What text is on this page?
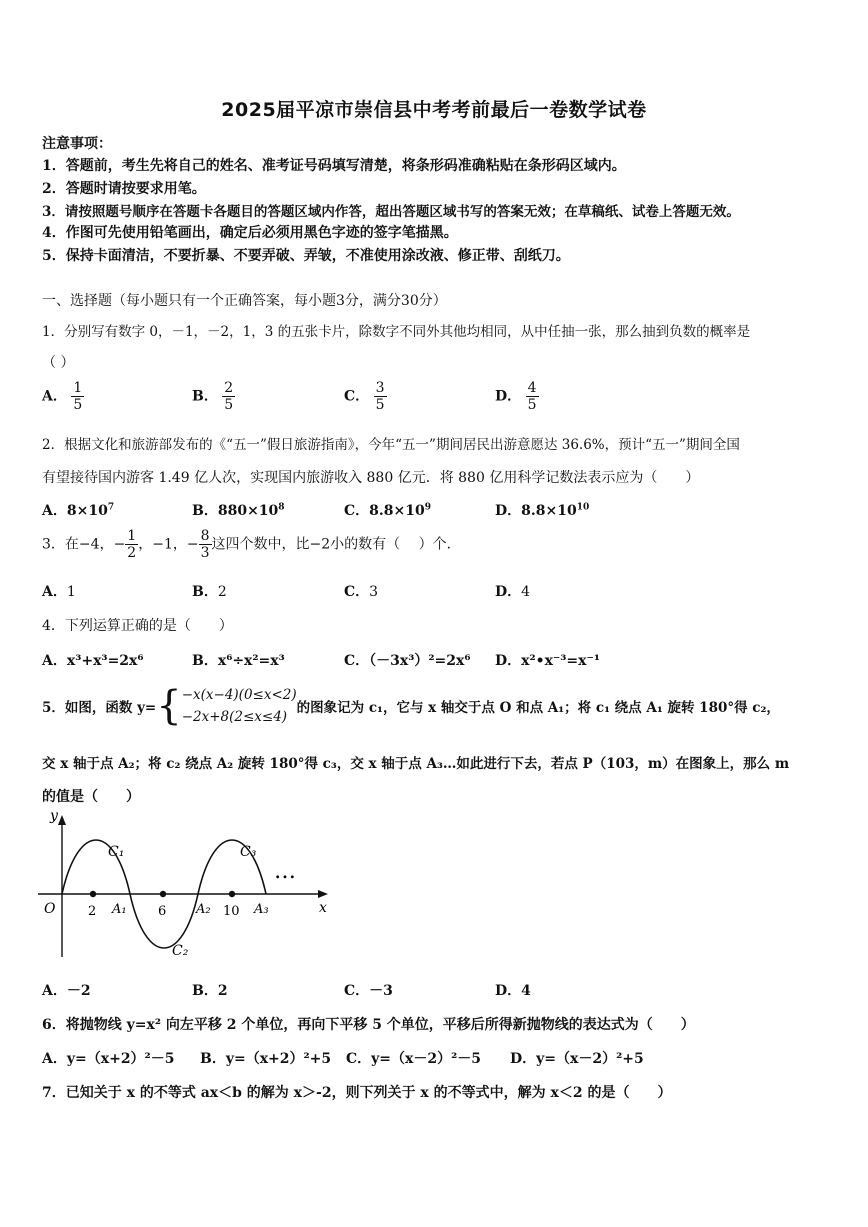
2025届平凉市崇信县中考考前最后一卷数学试卷
注意事项：
1．答题前，考生先将自己的姓名、准考证号码填写清楚，将条形码准确粘贴在条形码区域内。
2．答题时请按要求用笔。
3．请按照题号顺序在答题卡各题目的答题区域内作答，超出答题区域书写的答案无效；在草稿纸、试卷上答题无效。
4．作图可先使用铅笔画出，确定后必须用黑色字迹的签字笔描黑。
5．保持卡面清洁，不要折暴、不要弄破、弄皱，不准使用涂改液、修正带、刮纸刀。
一、选择题（每小题只有一个正确答案，每小题3分，满分30分）
1．分别写有数字 0，－1，－2，1，3 的五张卡片，除数字不同外其他均相同，从中任抽一张，那么抽到负数的概率是
（ ）
A． $\frac{1}{5}$	B． $\frac{2}{5}$	C． $\frac{3}{5}$	D． $\frac{4}{5}$
2．根据文化和旅游部发布的《“五一”假日旅游指南》，今年“五一”期间居民出游意愿达 36.6%，预计“五一”期间全国
有望接待国内游客 1.49 亿人次，实现国内旅游收入 880 亿元．将 880 亿用科学记数法表示应为（　　）
A．$8\times 10^7$	B．$880\times 10^8$	C．$8.8\times 10^9$	D．$8.8\times 10^{10}$
3．在−4，− $\frac{1}{2}$ ，−1，− $\frac{8}{3}$ 这四个数中，比−2小的数有（　 ）个．
A．1	B．2	C．3	D．4
4．下列运算正确的是（　　）
A．x³+x³=2x⁶	B．x⁶÷x²=x³	C．（－3x³）²=2x⁶ D．x²•x⁻³=x⁻¹
5．如图，函数 y={ −x(x−4)(0≤x<2)
−2x+8(2≤x≤4)
的图象记为 c₁，它与 x 轴交于点 O 和点 A₁；将 c₁ 绕点 A₁ 旋转 180°得 c₂，
交 x 轴于点 A₂；将 c₂ 绕点 A₂ 旋转 180°得 c₃，交 x 轴于点 A₃…如此进行下去，若点 P（103，m）在图象上，那么 m
的值是（　　）
y
x
O	2	6	10
A₁	A₂	A₃
C₁
C₂
C₃
…
A．－2	B．2	C．－3	D．4
6．将抛物线 y=x² 向左平移 2 个单位，再向下平移 5 个单位，平移后所得新抛物线的表达式为（　　）
A．y=（x+2）²－5 B．y=（x+2）²+5 C．y=（x－2）²－5 D．y=（x－2）²+5
7．已知关于 x 的不等式 ax＜b 的解为 x＞-2，则下列关于 x 的不等式中，解为 x＜2 的是（　　）
